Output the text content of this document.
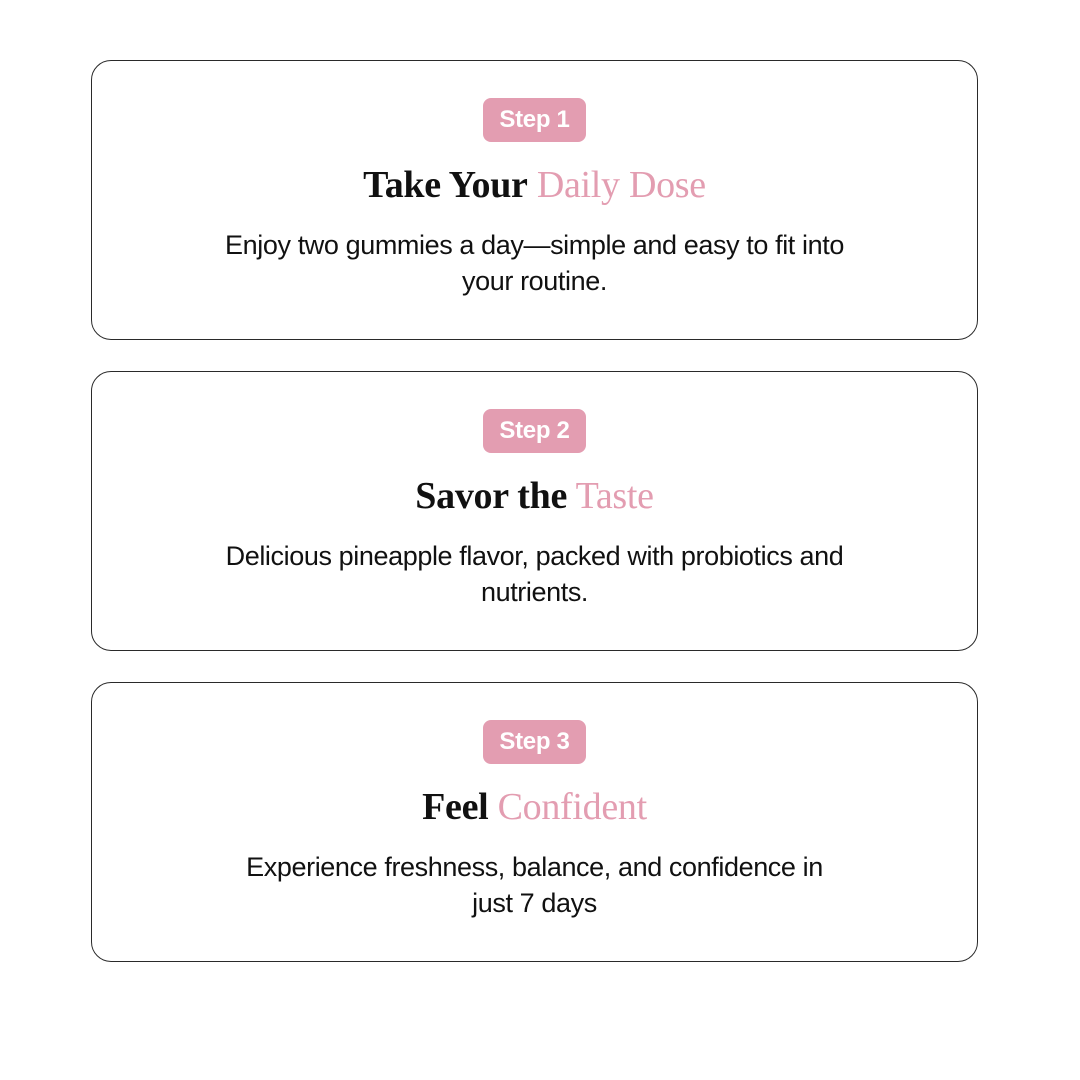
Step 1
Take Your Daily Dose
Enjoy two gummies a day—simple and easy to fit into your routine.
Step 2
Savor the Taste
Delicious pineapple flavor, packed with probiotics and nutrients.
Step 3
Feel Confident
Experience freshness, balance, and confidence in just 7 days
